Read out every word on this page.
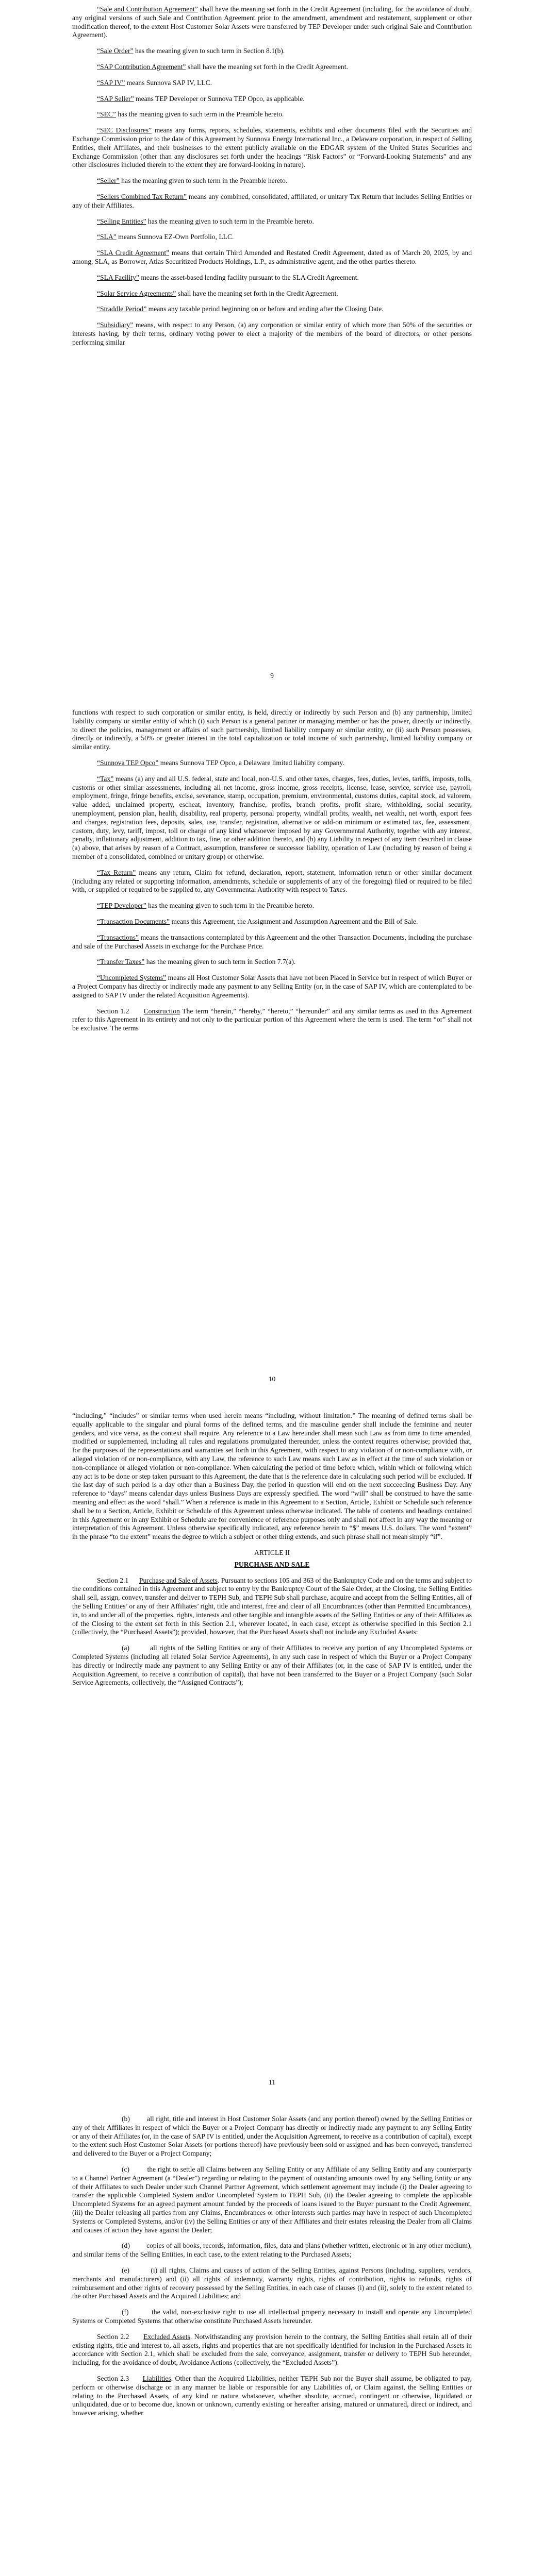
“Sale and Contribution Agreement” shall have the meaning set forth in the Credit Agreement (including, for the avoidance of doubt, any original versions of such Sale and Contribution Agreement prior to the amendment, amendment and restatement, supplement or other modification thereof, to the extent Host Customer Solar Assets were transferred by TEP Developer under such original Sale and Contribution Agreement).

“Sale Order” has the meaning given to such term in Section 8.1(b).

“SAP Contribution Agreement” shall have the meaning set forth in the Credit Agreement.

“SAP IV” means Sunnova SAP IV, LLC.

“SAP Seller” means TEP Developer or Sunnova TEP Opco, as applicable.

“SEC” has the meaning given to such term in the Preamble hereto.

“SEC Disclosures” means any forms, reports, schedules, statements, exhibits and other documents filed with the Securities and Exchange Commission prior to the date of this Agreement by Sunnova Energy International Inc., a Delaware corporation, in respect of Selling Entities, their Affiliates, and their businesses to the extent publicly available on the EDGAR system of the United States Securities and Exchange Commission (other than any disclosures set forth under the headings “Risk Factors” or “Forward-Looking Statements” and any other disclosures included therein to the extent they are forward-looking in nature).

“Seller” has the meaning given to such term in the Preamble hereto.

“Sellers Combined Tax Return” means any combined, consolidated, affiliated, or unitary Tax Return that includes Selling Entities or any of their Affiliates.

“Selling Entities” has the meaning given to such term in the Preamble hereto.

“SLA” means Sunnova EZ-Own Portfolio, LLC.

“SLA Credit Agreement” means that certain Third Amended and Restated Credit Agreement, dated as of March 20, 2025, by and among, SLA, as Borrower, Atlas Securitized Products Holdings, L.P., as administrative agent, and the other parties thereto.

“SLA Facility” means the asset-based lending facility pursuant to the SLA Credit Agreement.

“Solar Service Agreements” shall have the meaning set forth in the Credit Agreement.

“Straddle Period” means any taxable period beginning on or before and ending after the Closing Date.

“Subsidiary” means, with respect to any Person, (a) any corporation or similar entity of which more than 50% of the securities or interests having, by their terms, ordinary voting power to elect a majority of the members of the board of directors, or other persons performing similar

9

functions with respect to such corporation or similar entity, is held, directly or indirectly by such Person and (b) any partnership, limited liability company or similar entity of which (i) such Person is a general partner or managing member or has the power, directly or indirectly, to direct the policies, management or affairs of such partnership, limited liability company or similar entity, or (ii) such Person possesses, directly or indirectly, a 50% or greater interest in the total capitalization or total income of such partnership, limited liability company or similar entity.

“Sunnova TEP Opco” means Sunnova TEP Opco, a Delaware limited liability company.

“Tax” means (a) any and all U.S. federal, state and local, non-U.S. and other taxes, charges, fees, duties, levies, tariffs, imposts, tolls, customs or other similar assessments, including all net income, gross income, gross receipts, license, lease, service, service use, payroll, employment, fringe, fringe benefits, excise, severance, stamp, occupation, premium, environmental, customs duties, capital stock, ad valorem, value added, unclaimed property, escheat, inventory, franchise, profits, branch profits, profit share, withholding, social security, unemployment, pension plan, health, disability, real property, personal property, windfall profits, wealth, net wealth, net worth, export fees and charges, registration fees, deposits, sales, use, transfer, registration, alternative or add-on minimum or estimated tax, fee, assessment, custom, duty, levy, tariff, impost, toll or charge of any kind whatsoever imposed by any Governmental Authority, together with any interest, penalty, inflationary adjustment, addition to tax, fine, or other addition thereto, and (b) any Liability in respect of any item described in clause (a) above, that arises by reason of a Contract, assumption, transferee or successor liability, operation of Law (including by reason of being a member of a consolidated, combined or unitary group) or otherwise.

“Tax Return” means any return, Claim for refund, declaration, report, statement, information return or other similar document (including any related or supporting information, amendments, schedule or supplements of any of the foregoing) filed or required to be filed with, or supplied or required to be supplied to, any Governmental Authority with respect to Taxes.

“TEP Developer” has the meaning given to such term in the Preamble hereto.

“Transaction Documents” means this Agreement, the Assignment and Assumption Agreement and the Bill of Sale.

“Transactions” means the transactions contemplated by this Agreement and the other Transaction Documents, including the purchase and sale of the Purchased Assets in exchange for the Purchase Price.

“Transfer Taxes” has the meaning given to such term in Section 7.7(a).

“Uncompleted Systems” means all Host Customer Solar Assets that have not been Placed in Service but in respect of which Buyer or a Project Company has directly or indirectly made any payment to any Selling Entity (or, in the case of SAP IV, which are contemplated to be assigned to SAP IV under the related Acquisition Agreements).

Section 1.2 Construction The term “herein,” “hereby,” “hereto,” “hereunder” and any similar terms as used in this Agreement refer to this Agreement in its entirety and not only to the particular portion of this Agreement where the term is used. The term “or” shall not be exclusive. The terms

10

“including,” “includes” or similar terms when used herein means “including, without limitation.” The meaning of defined terms shall be equally applicable to the singular and plural forms of the defined terms, and the masculine gender shall include the feminine and neuter genders, and vice versa, as the context shall require. Any reference to a Law hereunder shall mean such Law as from time to time amended, modified or supplemented, including all rules and regulations promulgated thereunder, unless the context requires otherwise; provided that, for the purposes of the representations and warranties set forth in this Agreement, with respect to any violation of or non-compliance with, or alleged violation of or non-compliance, with any Law, the reference to such Law means such Law as in effect at the time of such violation or non-compliance or alleged violation or non-compliance. When calculating the period of time before which, within which or following which any act is to be done or step taken pursuant to this Agreement, the date that is the reference date in calculating such period will be excluded. If the last day of such period is a day other than a Business Day, the period in question will end on the next succeeding Business Day. Any reference to “days” means calendar days unless Business Days are expressly specified. The word “will” shall be construed to have the same meaning and effect as the word “shall.” When a reference is made in this Agreement to a Section, Article, Exhibit or Schedule such reference shall be to a Section, Article, Exhibit or Schedule of this Agreement unless otherwise indicated. The table of contents and headings contained in this Agreement or in any Exhibit or Schedule are for convenience of reference purposes only and shall not affect in any way the meaning or interpretation of this Agreement. Unless otherwise specifically indicated, any reference herein to “$” means U.S. dollars. The word “extent” in the phrase “to the extent” means the degree to which a subject or other thing extends, and such phrase shall not mean simply “if”.

ARTICLE II

PURCHASE AND SALE

Section 2.1 Purchase and Sale of Assets. Pursuant to sections 105 and 363 of the Bankruptcy Code and on the terms and subject to the conditions contained in this Agreement and subject to entry by the Bankruptcy Court of the Sale Order, at the Closing, the Selling Entities shall sell, assign, convey, transfer and deliver to TEPH Sub, and TEPH Sub shall purchase, acquire and accept from the Selling Entities, all of the Selling Entities’ or any of their Affiliates’ right, title and interest, free and clear of all Encumbrances (other than Permitted Encumbrances), in, to and under all of the properties, rights, interests and other tangible and intangible assets of the Selling Entities or any of their Affiliates as of the Closing to the extent set forth in this Section 2.1, wherever located, in each case, except as otherwise specified in this Section 2.1 (collectively, the “Purchased Assets”); provided, however, that the Purchased Assets shall not include any Excluded Assets:

(a)         all rights of the Selling Entities or any of their Affiliates to receive any portion of any Uncompleted Systems or Completed Systems (including all related Solar Service Agreements), in any such case in respect of which the Buyer or a Project Company has directly or indirectly made any payment to any Selling Entity or any of their Affiliates (or, in the case of SAP IV is entitled, under the Acquisition Agreement, to receive a contribution of capital), that have not been transferred to the Buyer or a Project Company (such Solar Service Agreements, collectively, the “Assigned Contracts”);

11

(b)         all right, title and interest in Host Customer Solar Assets (and any portion thereof) owned by the Selling Entities or any of their Affiliates in respect of which the Buyer or a Project Company has directly or indirectly made any payment to any Selling Entity or any of their Affiliates (or, in the case of SAP IV is entitled, under the Acquisition Agreement, to receive as a contribution of capital), except to the extent such Host Customer Solar Assets (or portions thereof) have previously been sold or assigned and has been conveyed, transferred and delivered to the Buyer or a Project Company;

(c)         the right to settle all Claims between any Selling Entity or any Affiliate of any Selling Entity and any counterparty to a Channel Partner Agreement (a “Dealer”) regarding or relating to the payment of outstanding amounts owed by any Selling Entity or any of their Affiliates to such Dealer under such Channel Partner Agreement, which settlement agreement may include (i) the Dealer agreeing to transfer the applicable Completed System and/or Uncompleted System to TEPH Sub, (ii) the Dealer agreeing to complete the applicable Uncompleted Systems for an agreed payment amount funded by the proceeds of loans issued to the Buyer pursuant to the Credit Agreement, (iii) the Dealer releasing all parties from any Claims, Encumbrances or other interests such parties may have in respect of such Uncompleted Systems or Completed Systems, and/or (iv) the Selling Entities or any of their Affiliates and their estates releasing the Dealer from all Claims and causes of action they have against the Dealer;

(d)         copies of all books, records, information, files, data and plans (whether written, electronic or in any other medium), and similar items of the Selling Entities, in each case, to the extent relating to the Purchased Assets;

(e)         (i) all rights, Claims and causes of action of the Selling Entities, against Persons (including, suppliers, vendors, merchants and manufacturers) and (ii) all rights of indemnity, warranty rights, rights of contribution, rights to refunds, rights of reimbursement and other rights of recovery possessed by the Selling Entities, in each case of clauses (i) and (ii), solely to the extent related to the other Purchased Assets and the Acquired Liabilities; and

(f)         the valid, non-exclusive right to use all intellectual property necessary to install and operate any Uncompleted Systems or Completed Systems that otherwise constitute Purchased Assets hereunder.

Section 2.2 Excluded Assets. Notwithstanding any provision herein to the contrary, the Selling Entities shall retain all of their existing rights, title and interest to, all assets, rights and properties that are not specifically identified for inclusion in the Purchased Assets in accordance with Section 2.1, which shall be excluded from the sale, conveyance, assignment, transfer or delivery to TEPH Sub hereunder, including, for the avoidance of doubt, Avoidance Actions (collectively, the “Excluded Assets”).

Section 2.3 Liabilities. Other than the Acquired Liabilities, neither TEPH Sub nor the Buyer shall assume, be obligated to pay, perform or otherwise discharge or in any manner be liable or responsible for any Liabilities of, or Claim against, the Selling Entities or relating to the Purchased Assets, of any kind or nature whatsoever, whether absolute, accrued, contingent or otherwise, liquidated or unliquidated, due or to become due, known or unknown, currently existing or hereafter arising, matured or unmatured, direct or indirect, and however arising, whether
